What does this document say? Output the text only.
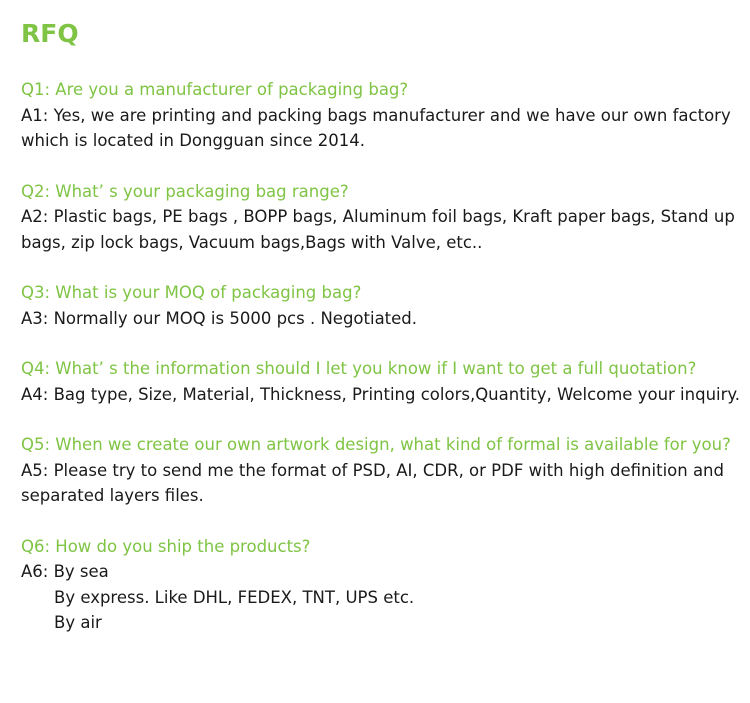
RFQ

Q1: Are you a manufacturer of packaging bag?

A1: Yes, we are printing and packing bags manufacturer and we have our own factory which is located in Dongguan since 2014.

Q2: What’ s your packaging bag range?

A2: Plastic bags, PE bags , BOPP bags, Aluminum foil bags, Kraft paper bags, Stand up bags, zip lock bags, Vacuum bags,Bags with Valve, etc..

Q3: What is your MOQ of packaging bag?

A3: Normally our MOQ is 5000 pcs . Negotiated.

Q4: What’ s the information should I let you know if I want to get a full quotation?

A4: Bag type, Size, Material, Thickness, Printing colors,Quantity, Welcome your inquiry.

Q5: When we create our own artwork design, what kind of formal is available for you?

A5: Please try to send me the format of PSD, AI, CDR, or PDF with high definition and separated layers files.

Q6: How do you ship the products?

A6: By sea

By express. Like DHL, FEDEX, TNT, UPS etc.

By air
